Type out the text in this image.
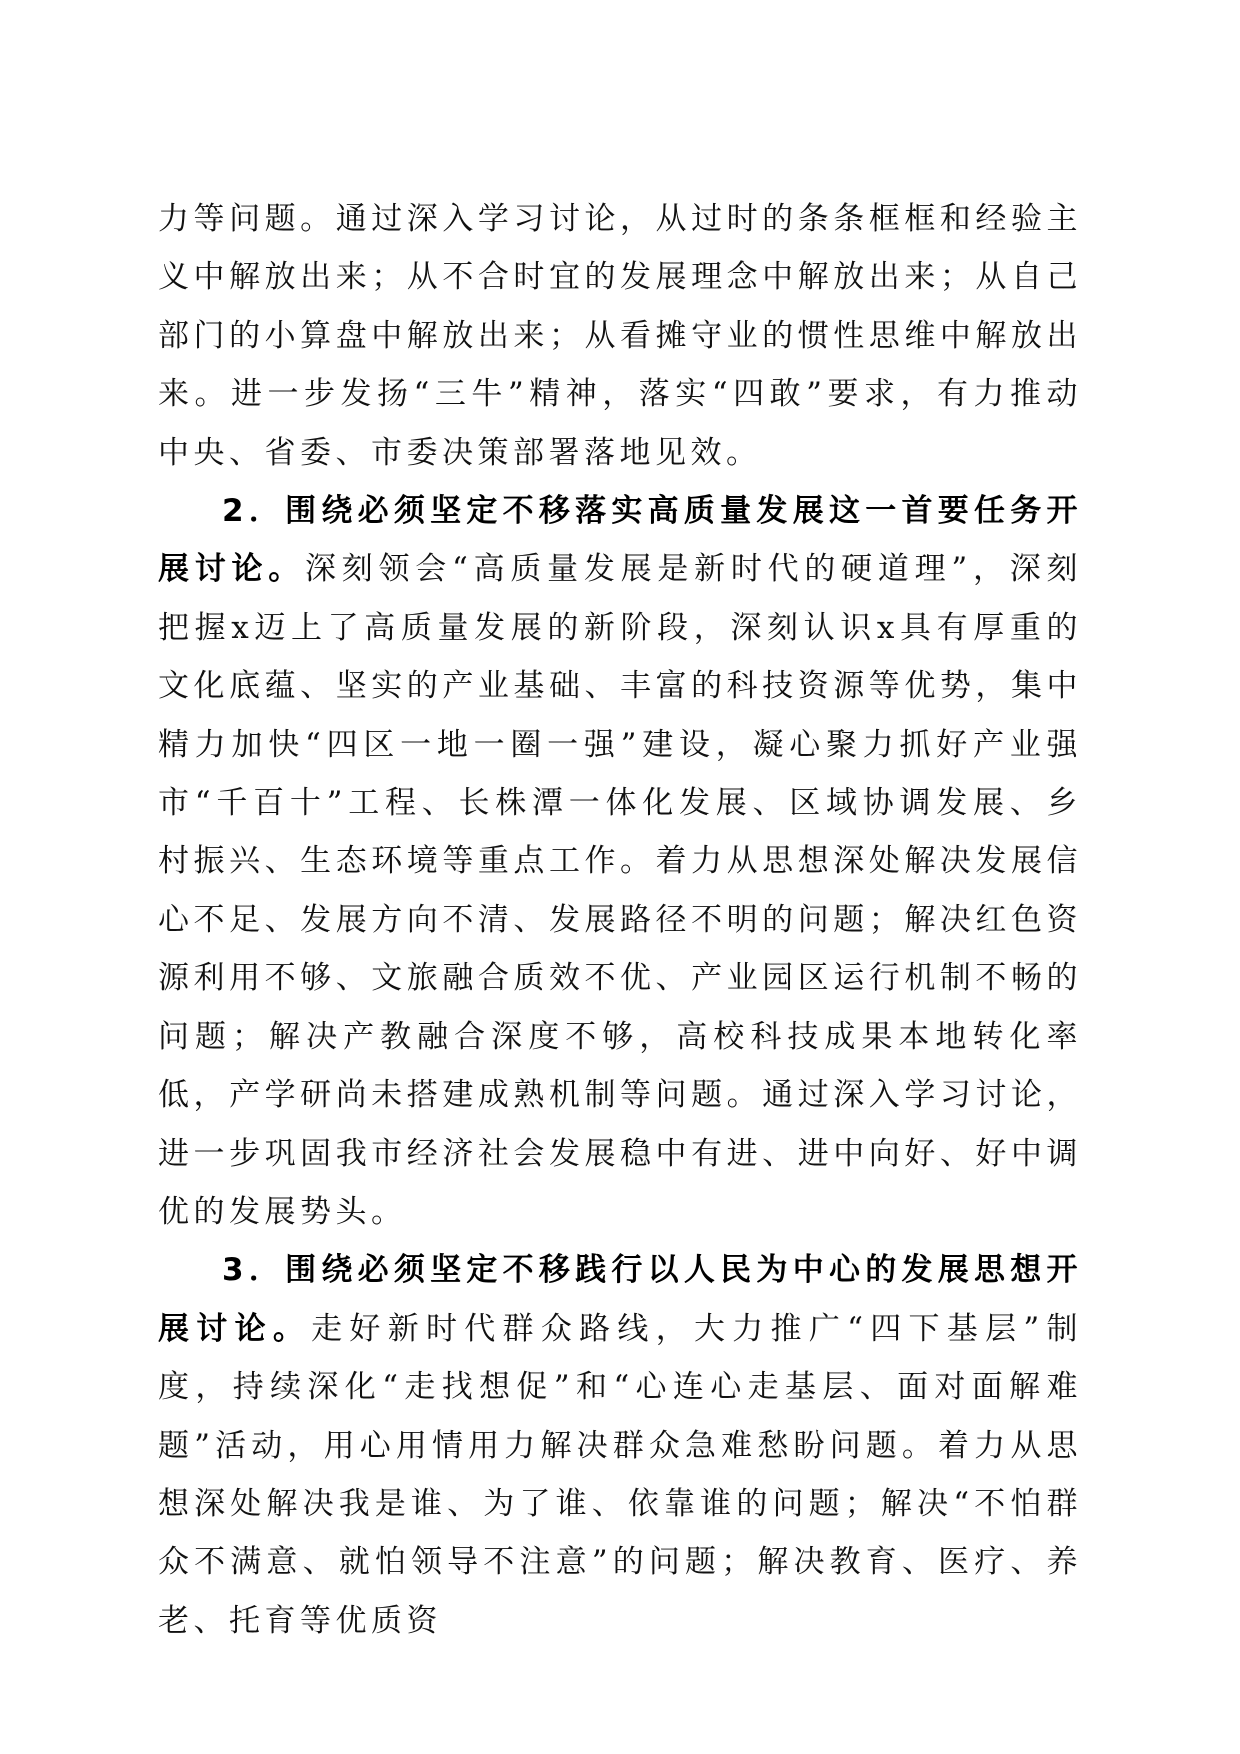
力等问题。通过深入学习讨论，从过时的条条框框和经验主义中解放出来；从不合时宜的发展理念中解放出来；从自己部门的小算盘中解放出来；从看摊守业的惯性思维中解放出来。进一步发扬“三牛”精神，落实“四敢”要求，有力推动中央、省委、市委决策部署落地见效。

2．围绕必须坚定不移落实高质量发展这一首要任务开展讨论。深刻领会“高质量发展是新时代的硬道理”，深刻把握x迈上了高质量发展的新阶段，深刻认识x具有厚重的文化底蕴、坚实的产业基础、丰富的科技资源等优势，集中精力加快“四区一地一圈一强”建设，凝心聚力抓好产业强市“千百十”工程、长株潭一体化发展、区域协调发展、乡村振兴、生态环境等重点工作。着力从思想深处解决发展信心不足、发展方向不清、发展路径不明的问题；解决红色资源利用不够、文旅融合质效不优、产业园区运行机制不畅的问题；解决产教融合深度不够，高校科技成果本地转化率低，产学研尚未搭建成熟机制等问题。通过深入学习讨论，进一步巩固我市经济社会发展稳中有进、进中向好、好中调优的发展势头。

3．围绕必须坚定不移践行以人民为中心的发展思想开展讨论。走好新时代群众路线，大力推广“四下基层”制度，持续深化“走找想促”和“心连心走基层、面对面解难题”活动，用心用情用力解决群众急难愁盼问题。着力从思想深处解决我是谁、为了谁、依靠谁的问题；解决“不怕群众不满意、就怕领导不注意”的问题；解决教育、医疗、养老、托育等优质资
